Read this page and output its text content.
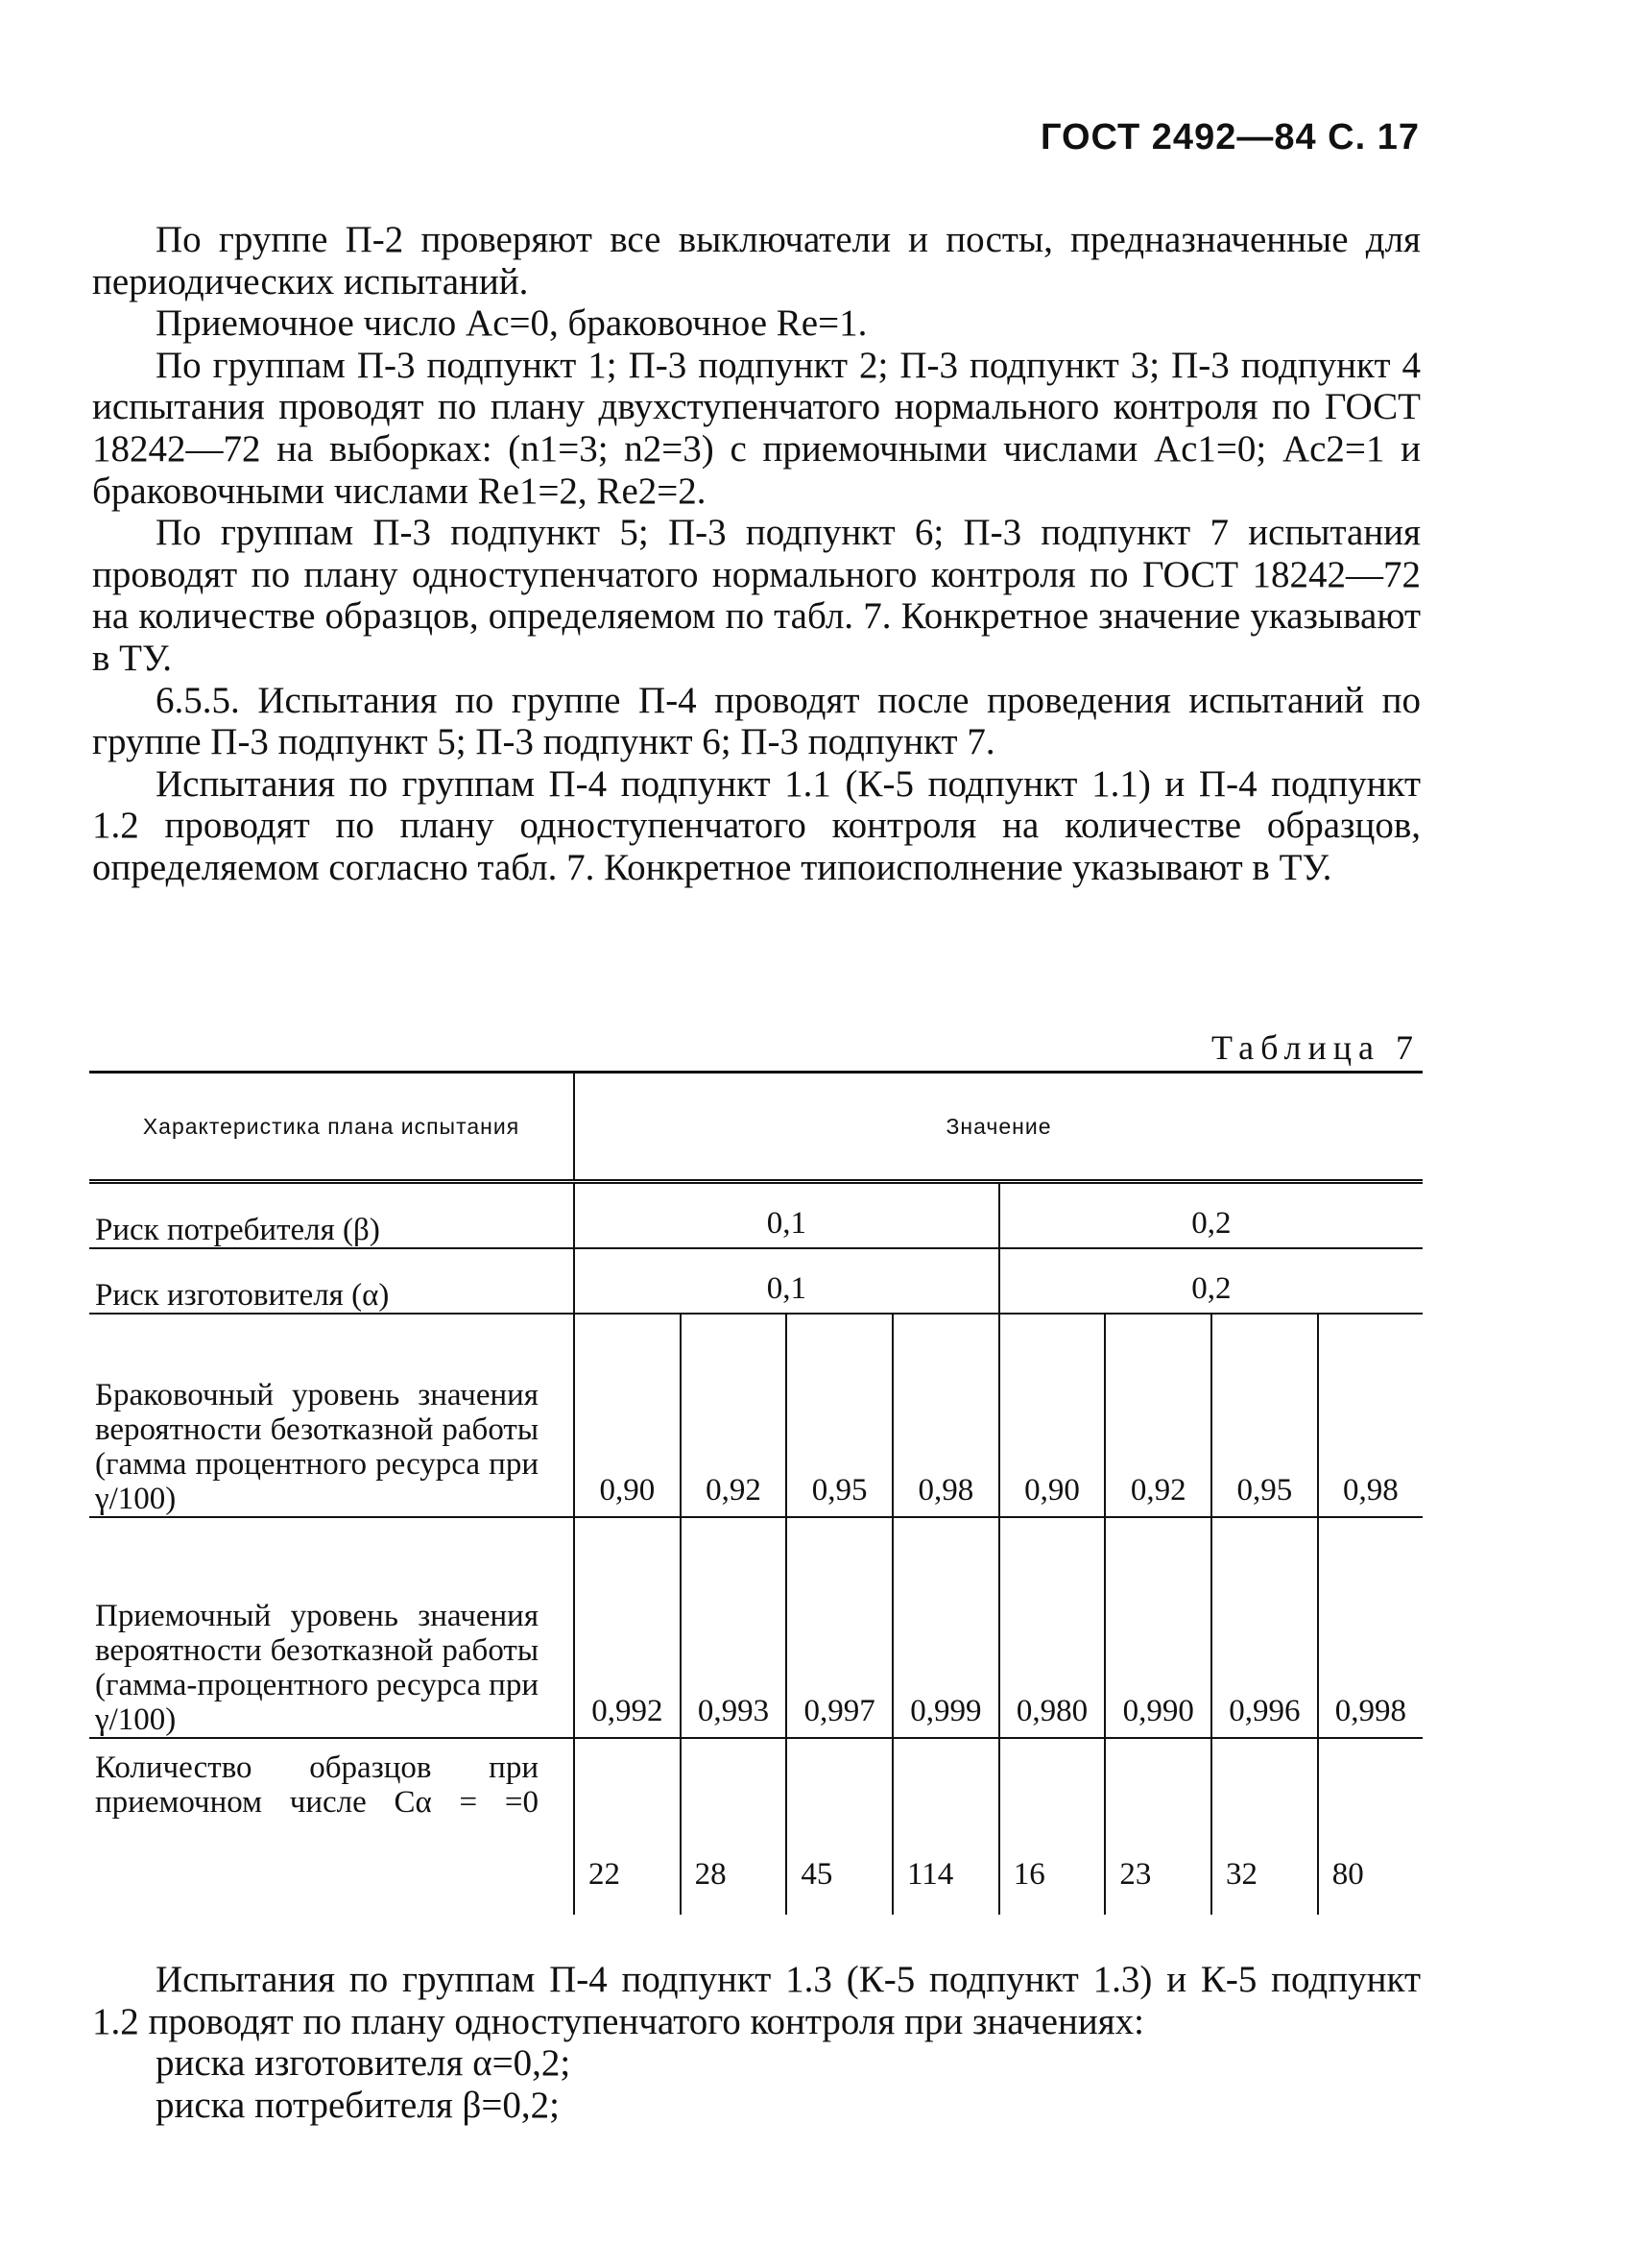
ГОСТ 2492—84 С. 17

По группе П-2 проверяют все выключатели и посты, предназначенные для периодических испытаний.

Приемочное число Aс=0, браковочное Rе=1.

По группам П-3 подпункт 1; П-3 подпункт 2; П-3 подпункт 3; П-3 подпункт 4 испытания проводят по плану двухступенчатого нормального контроля по ГОСТ 18242—72 на выборках: (n1=3; n2=3) с приемочными числами Aс1=0; Aс2=1 и браковочными числами Rе1=2, Rе2=2.

По группам П-3 подпункт 5; П-3 подпункт 6; П-3 подпункт 7 испытания проводят по плану одноступенчатого нормального контроля по ГОСТ 18242—72 на количестве образцов, определяемом по табл. 7. Конкретное значение указывают в ТУ.

6.5.5. Испытания по группе П-4 проводят после проведения испытаний по группе П-3 подпункт 5; П-3 подпункт 6; П-3 подпункт 7.

Испытания по группам П-4 подпункт 1.1 (К-5 подпункт 1.1) и П-4 подпункт 1.2 проводят по плану одноступенчатого контроля на количестве образцов, определяемом согласно табл. 7. Конкретное типоисполнение указывают в ТУ.

Таблица 7
Характеристика плана испытания	Значение							
Риск потребителя (β)	0,1				0,2			
Риск изготовителя (α)	0,1				0,2			
Браковочный уровень значения вероятности безотказной работы (гамма процентного ресурса при γ/100)	0,90	0,92	0,95	0,98	0,90	0,92	0,95	0,98
Приемочный уровень значения вероятности безотказной работы (гамма-процентного ресурса при γ/100)	0,992	0,993	0,997	0,999	0,980	0,990	0,996	0,998
Количество образцов при приемочном числе Cα = =0	22	28	45	114	16	23	32	80

Испытания по группам П-4 подпункт 1.3 (К-5 подпункт 1.3) и К-5 подпункт 1.2 проводят по плану одноступенчатого контроля при значениях:

риска изготовителя α=0,2;

риска потребителя β=0,2;
